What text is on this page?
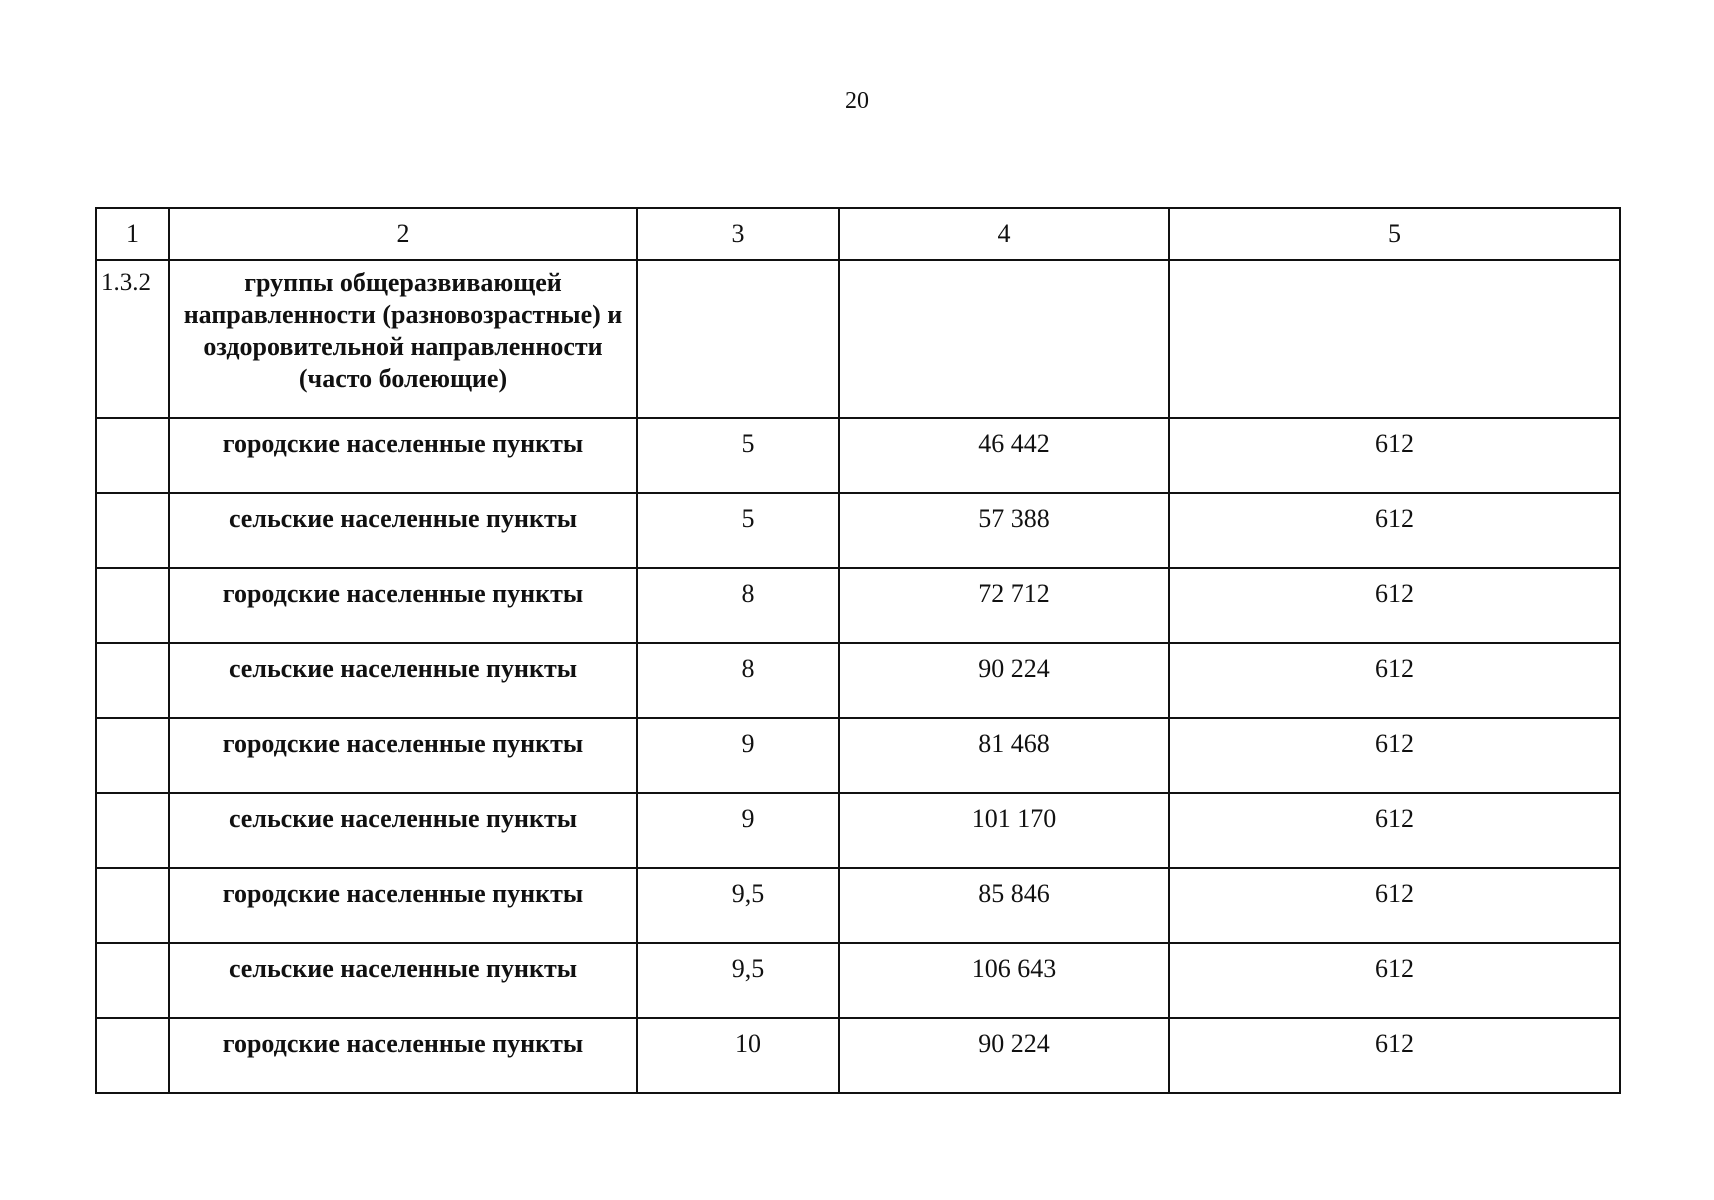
20
1	2	3	4	5
1.3.2	группы общеразвивающей направленности (разновозрастные) и оздоровительной направленности (часто болеющие)			
	городские населенные пункты	5	46 442	612
	сельские населенные пункты	5	57 388	612
	городские населенные пункты	8	72 712	612
	сельские населенные пункты	8	90 224	612
	городские населенные пункты	9	81 468	612
	сельские населенные пункты	9	101 170	612
	городские населенные пункты	9,5	85 846	612
	сельские населенные пункты	9,5	106 643	612
	городские населенные пункты	10	90 224	612
